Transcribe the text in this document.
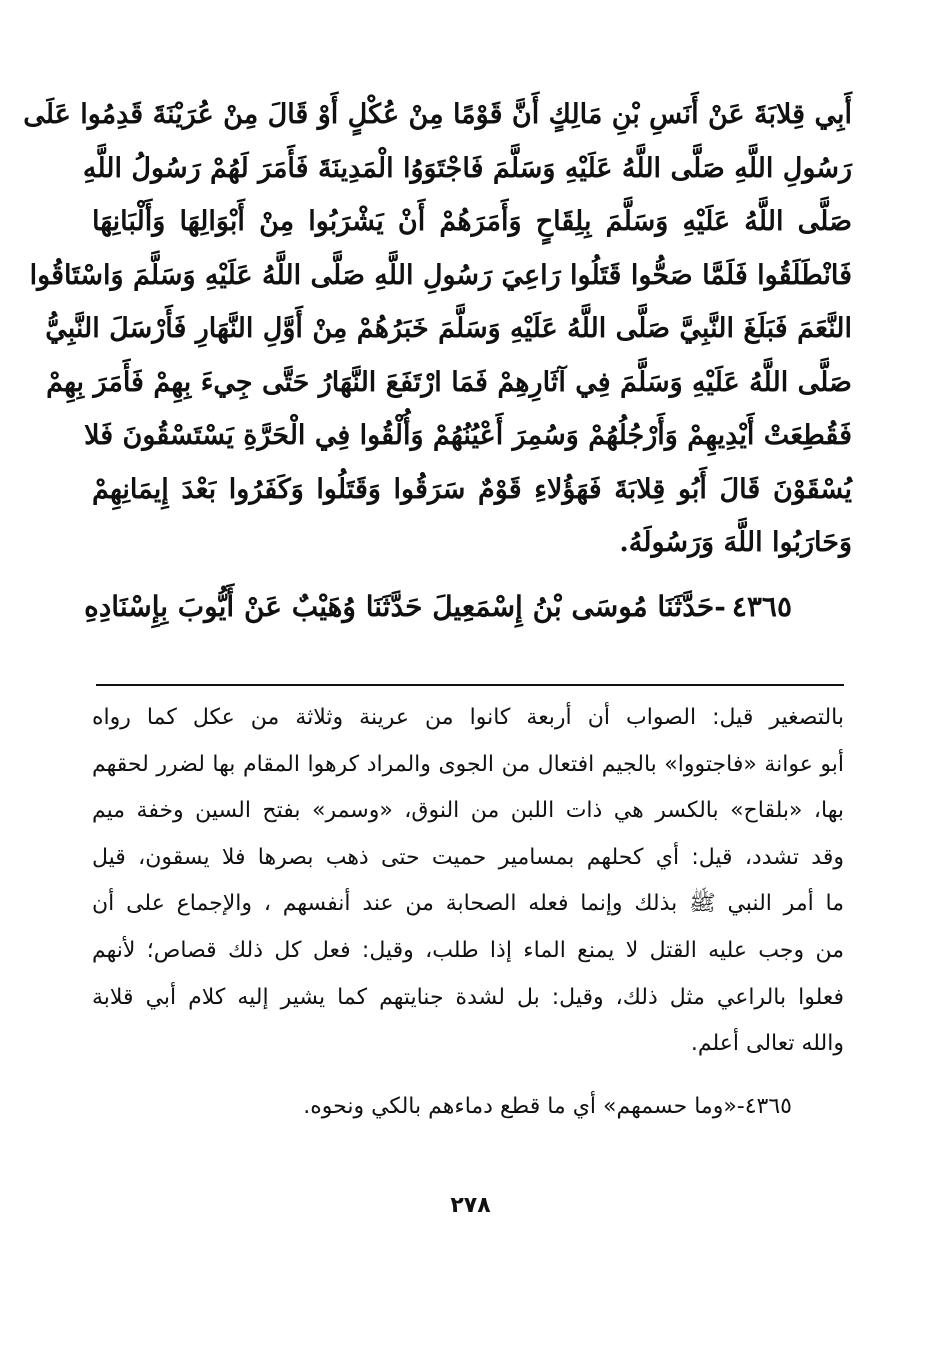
أَبِي قِلابَةَ عَنْ أَنَسِ بْنِ مَالِكٍ أَنَّ قَوْمًا مِنْ عُكْلٍ أَوْ قَالَ مِنْ عُرَيْنَةَ قَدِمُوا عَلَى
رَسُولِ اللَّهِ صَلَّى اللَّهُ عَلَيْهِ وَسَلَّمَ فَاجْتَوَوُا الْمَدِينَةَ فَأَمَرَ لَهُمْ رَسُولُ اللَّهِ
صَلَّى اللَّهُ عَلَيْهِ وَسَلَّمَ بِلِقَاحٍ وَأَمَرَهُمْ أَنْ يَشْرَبُوا مِنْ أَبْوَالِهَا وَأَلْبَانِهَا
فَانْطَلَقُوا فَلَمَّا صَحُّوا قَتَلُوا رَاعِيَ رَسُولِ اللَّهِ صَلَّى اللَّهُ عَلَيْهِ وَسَلَّمَ وَاسْتَاقُوا
النَّعَمَ فَبَلَغَ النَّبِيَّ صَلَّى اللَّهُ عَلَيْهِ وَسَلَّمَ خَبَرُهُمْ مِنْ أَوَّلِ النَّهَارِ فَأَرْسَلَ النَّبِيُّ
صَلَّى اللَّهُ عَلَيْهِ وَسَلَّمَ فِي آثَارِهِمْ فَمَا ارْتَفَعَ النَّهَارُ حَتَّى جِيءَ بِهِمْ فَأَمَرَ بِهِمْ
فَقُطِعَتْ أَيْدِيهِمْ وَأَرْجُلُهُمْ وَسُمِرَ أَعْيُنُهُمْ وَأُلْقُوا فِي الْحَرَّةِ يَسْتَسْقُونَ فَلا
يُسْقَوْنَ قَالَ أَبُو قِلابَةَ فَهَؤُلاءِ قَوْمٌ سَرَقُوا وَقَتَلُوا وَكَفَرُوا بَعْدَ إِيمَانِهِمْ
وَحَارَبُوا اللَّهَ وَرَسُولَهُ.
٤٣٦٥-حَدَّثَنَا مُوسَى بْنُ إِسْمَعِيلَ حَدَّثَنَا وُهَيْبٌ عَنْ أَيُّوبَ بِإِسْنَادِهِ
بالتصغير قيل: الصواب أن أربعة كانوا من عرينة وثلاثة من عكل كما رواه
أبو عوانة «فاجتووا» بالجيم افتعال من الجوى والمراد كرهوا المقام بها لضرر لحقهم
بها، «بلقاح» بالكسر هي ذات اللبن من النوق، «وسمر» بفتح السين وخفة ميم
وقد تشدد، قيل: أي كحلهم بمسامير حميت حتى ذهب بصرها فلا يسقون، قيل
ما أمر النبي ﷺ بذلك وإنما فعله الصحابة من عند أنفسهم ، والإجماع على أن
من وجب عليه القتل لا يمنع الماء إذا طلب، وقيل: فعل كل ذلك قصاص؛ لأنهم
فعلوا بالراعي مثل ذلك، وقيل: بل لشدة جنايتهم كما يشير إليه كلام أبي قلابة
والله تعالى أعلم.
٤٣٦٥-«وما حسمهم» أي ما قطع دماءهم بالكي ونحوه.
٢٧٨
